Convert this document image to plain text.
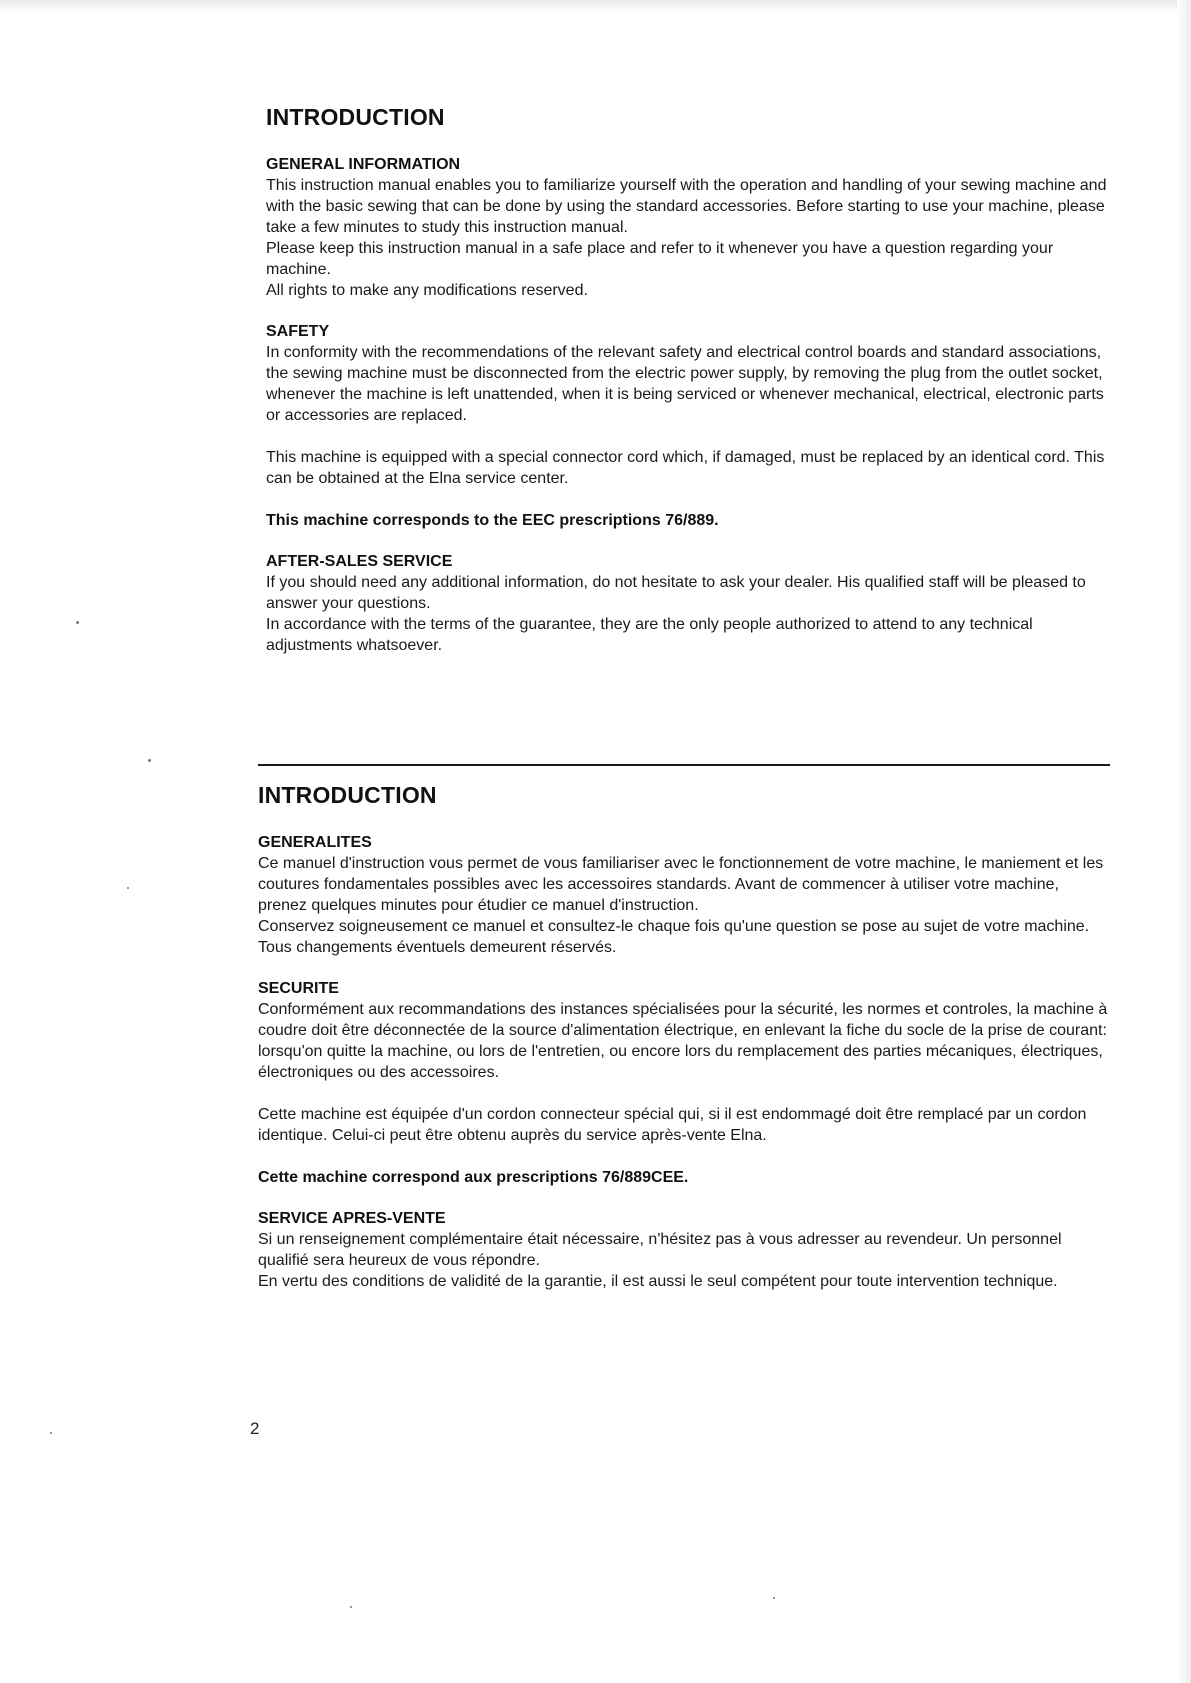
INTRODUCTION
GENERAL INFORMATION

This instruction manual enables you to familiarize yourself with the operation and handling of your sewing machine and with the basic sewing that can be done by using the standard accessories. Before starting to use your machine, please take a few minutes to study this instruction manual.

Please keep this instruction manual in a safe place and refer to it whenever you have a question regarding your machine.

All rights to make any modifications reserved.

SAFETY

In conformity with the recommendations of the relevant safety and electrical control boards and standard associations, the sewing machine must be disconnected from the electric power supply, by removing the plug from the outlet socket, whenever the machine is left unattended, when it is being serviced or whenever mechanical, electrical, electronic parts or accessories are replaced.

This machine is equipped with a special connector cord which, if damaged, must be replaced by an identical cord. This can be obtained at the Elna service center.

This machine corresponds to the EEC prescriptions 76/889.

AFTER-SALES SERVICE

If you should need any additional information, do not hesitate to ask your dealer. His qualified staff will be pleased to answer your questions.

In accordance with the terms of the guarantee, they are the only people authorized to attend to any technical adjustments whatsoever.

INTRODUCTION
GENERALITES

Ce manuel d'instruction vous permet de vous familiariser avec le fonctionnement de votre machine, le maniement et les coutures fondamentales possibles avec les accessoires standards. Avant de commencer à utiliser votre machine, prenez quelques minutes pour étudier ce manuel d'instruction.

Conservez soigneusement ce manuel et consultez-le chaque fois qu'une question se pose au sujet de votre machine.

Tous changements éventuels demeurent réservés.

SECURITE

Conformément aux recommandations des instances spécialisées pour la sécurité, les normes et controles, la machine à coudre doit être déconnectée de la source d'alimentation électrique, en enlevant la fiche du socle de la prise de courant: lorsqu'on quitte la machine, ou lors de l'entretien, ou encore lors du remplacement des parties mécaniques, électriques, électroniques ou des accessoires.

Cette machine est équipée d'un cordon connecteur spécial qui, si il est endommagé doit être remplacé par un cordon identique. Celui-ci peut être obtenu auprès du service après-vente Elna.

Cette machine correspond aux prescriptions 76/889CEE.

SERVICE APRES-VENTE

Si un renseignement complémentaire était nécessaire, n'hésitez pas à vous adresser au revendeur. Un personnel qualifié sera heureux de vous répondre.

En vertu des conditions de validité de la garantie, il est aussi le seul compétent pour toute intervention technique.

2
